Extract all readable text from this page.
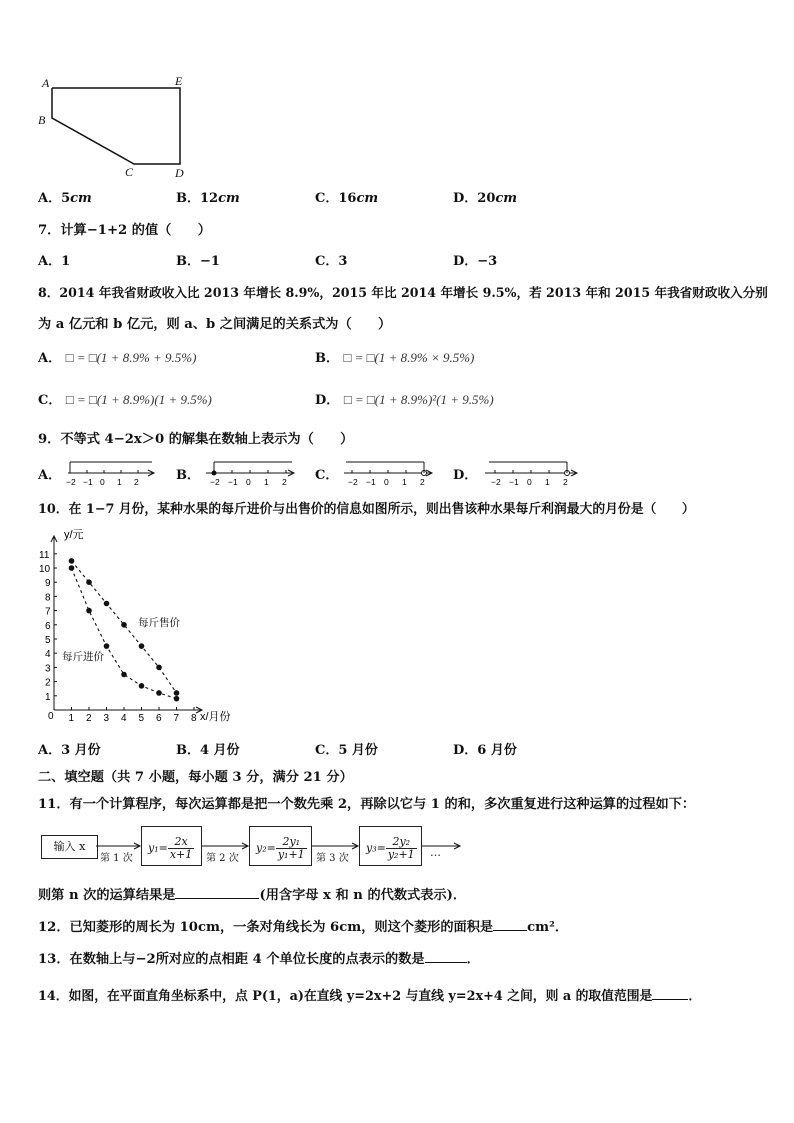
A	E
B
C	D
A．5cm	B．12cm	C．16cm	D．20cm
7．计算−1+2 的值（　　）
A．1	B．−1	C．3	D．−3
8．2014 年我省财政收入比 2013 年增长 8.9%，2015 年比 2014 年增长 9.5%，若 2013 年和 2015 年我省财政收入分别
为 a 亿元和 b 亿元，则 a、b 之间满足的关系式为（　　）
A． □ = □(1 + 8.9% + 9.5%)	B． □ = □(1 + 8.9% × 9.5%)
C． □ = □(1 + 8.9%)(1 + 9.5%)	D． □ = □(1 + 8.9%)²(1 + 9.5%)
9．不等式 4−2x＞0 的解集在数轴上表示为（　　）
A．	B．	C．	D．
−2 −1 0 1 2	−2 −1 0 1 2	−2 −1 0 1 2	−2 −1 0 1 2
10．在 1−7 月份，某种水果的每斤进价与出售价的信息如图所示，则出售该种水果每斤利润最大的月份是（　　）
1 2 3 4 5 6 7 8
1
2
3
4
5
6
7
8
9
10
11
y/元
x/月份
0
每斤售价
每斤进价
A．3 月份	B．4 月份	C．5 月份	D．6 月份
二、填空题（共 7 小题，每小题 3 分，满分 21 分）
11．有一个计算程序，每次运算都是把一个数先乘 2，再除以它与 1 的和，多次重复进行这种运算的过程如下：
输入 x
第 1 次	第 2 次	第 3 次
$y_1= \frac{2x}{x+1}$	$y_2= \frac{\text{2y₁}}{\text{y₁+1}}$	$y_3= \frac{\text{2y₂}}{\text{y₂+1}}$ …
则第 n 次的运算结果是	(用含字母 x 和 n 的代数式表示)．
12．已知菱形的周长为 10cm，一条对角线长为 6cm，则这个菱形的面积是	cm²．
13．在数轴上与−2所对应的点相距 4 个单位长度的点表示的数是	．
14．如图，在平面直角坐标系中，点 P(1，a)在直线 y=2x+2 与直线 y=2x+4 之间，则 a 的取值范围是	．
